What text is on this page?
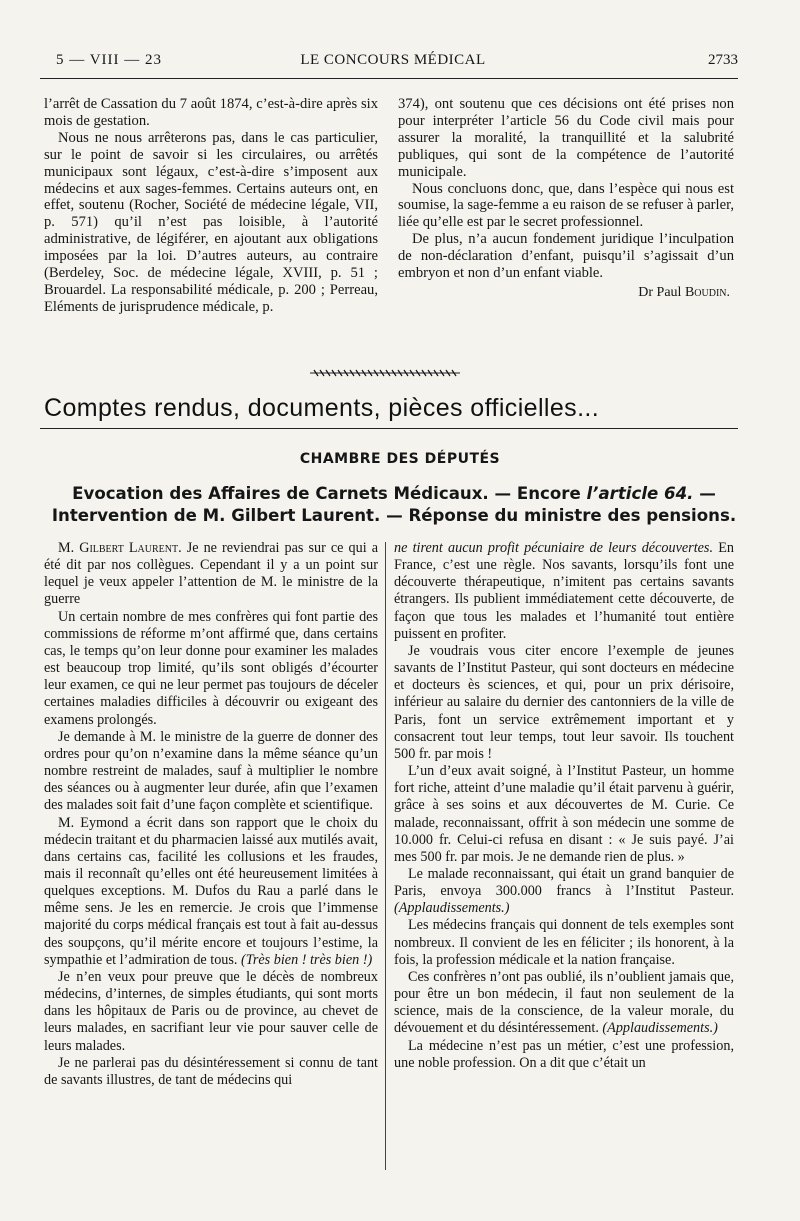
5 — VIII — 23	LE CONCOURS MÉDICAL	2733

l’arrêt de Cassation du 7 août 1874, c’est-à-dire après six mois de gestation.

Nous ne nous arrêterons pas, dans le cas particulier, sur le point de savoir si les circulaires, ou arrêtés municipaux sont légaux, c’est-à-dire s’imposent aux médecins et aux sages-femmes. Certains auteurs ont, en effet, soutenu (Rocher, Société de médecine légale, VII, p. 571) qu’il n’est pas loisible, à l’autorité administrative, de légiférer, en ajoutant aux obligations imposées par la loi. D’autres auteurs, au contraire (Berdeley, Soc. de médecine légale, XVIII, p. 51 ; Brouardel. La responsabilité médicale, p. 200 ; Perreau, Eléments de jurisprudence médicale, p.

374), ont soutenu que ces décisions ont été prises non pour interpréter l’article 56 du Code civil mais pour assurer la moralité, la tranquillité et la salubrité publiques, qui sont de la compétence de l’autorité municipale.

Nous concluons donc, que, dans l’espèce qui nous est soumise, la sage-femme a eu raison de se refuser à parler, liée qu’elle est par le secret professionnel.

De plus, n’a aucun fondement juridique l’inculpation de non-déclaration d’enfant, puisqu’il s’agissait d’un embryon et non d’un enfant viable.

Dr Paul Boudin.
Comptes rendus, documents, pièces officielles...
CHAMBRE DES DÉPUTÉS
Evocation des Affaires de Carnets Médicaux. — Encore l’article 64. — Intervention de M. Gilbert Laurent. — Réponse du ministre des pensions.

M. Gilbert Laurent. Je ne reviendrai pas sur ce qui a été dit par nos collègues. Cependant il y a un point sur lequel je veux appeler l’attention de M. le ministre de la guerre

Un certain nombre de mes confrères qui font partie des commissions de réforme m’ont affirmé que, dans certains cas, le temps qu’on leur donne pour examiner les malades est beaucoup trop limité, qu’ils sont obligés d’écourter leur examen, ce qui ne leur permet pas toujours de déceler certaines maladies difficiles à découvrir ou exigeant des examens prolongés.

Je demande à M. le ministre de la guerre de donner des ordres pour qu’on n’examine dans la même séance qu’un nombre restreint de malades, sauf à multiplier le nombre des séances ou à augmenter leur durée, afin que l’examen des malades soit fait d’une façon complète et scientifique.

M. Eymond a écrit dans son rapport que le choix du médecin traitant et du pharmacien laissé aux mutilés avait, dans certains cas, facilité les collusions et les fraudes, mais il reconnaît qu’elles ont été heureusement limitées à quelques exceptions. M. Dufos du Rau a parlé dans le même sens. Je les en remercie. Je crois que l’immense majorité du corps médical français est tout à fait au-dessus des soupçons, qu’il mérite encore et toujours l’estime, la sympathie et l’admiration de tous. (Très bien ! très bien !)

Je n’en veux pour preuve que le décès de nombreux médecins, d’internes, de simples étudiants, qui sont morts dans les hôpitaux de Paris ou de province, au chevet de leurs malades, en sacrifiant leur vie pour sauver celle de leurs malades.

Je ne parlerai pas du désintéressement si connu de tant de savants illustres, de tant de médecins qui

ne tirent aucun profit pécuniaire de leurs découvertes. En France, c’est une règle. Nos savants, lorsqu’ils font une découverte thérapeutique, n’imitent pas certains savants étrangers. Ils publient immédiatement cette découverte, de façon que tous les malades et l’humanité tout entière puissent en profiter.

Je voudrais vous citer encore l’exemple de jeunes savants de l’Institut Pasteur, qui sont docteurs en médecine et docteurs ès sciences, et qui, pour un prix dérisoire, inférieur au salaire du dernier des cantonniers de la ville de Paris, font un service extrêmement important et y consacrent tout leur temps, tout leur savoir. Ils touchent 500 fr. par mois !

L’un d’eux avait soigné, à l’Institut Pasteur, un homme fort riche, atteint d’une maladie qu’il était parvenu à guérir, grâce à ses soins et aux découvertes de M. Curie. Ce malade, reconnaissant, offrit à son médecin une somme de 10.000 fr. Celui-ci refusa en disant : « Je suis payé. J’ai mes 500 fr. par mois. Je ne demande rien de plus. »

Le malade reconnaissant, qui était un grand banquier de Paris, envoya 300.000 francs à l’Institut Pasteur. (Applaudissements.)

Les médecins français qui donnent de tels exemples sont nombreux. Il convient de les en féliciter ; ils honorent, à la fois, la profession médicale et la nation française.

Ces confrères n’ont pas oublié, ils n’oublient jamais que, pour être un bon médecin, il faut non seulement de la science, mais de la conscience, de la valeur morale, du dévouement et du désintéressement. (Applaudissements.)

La médecine n’est pas un métier, c’est une profession, une noble profession. On a dit que c’était un
